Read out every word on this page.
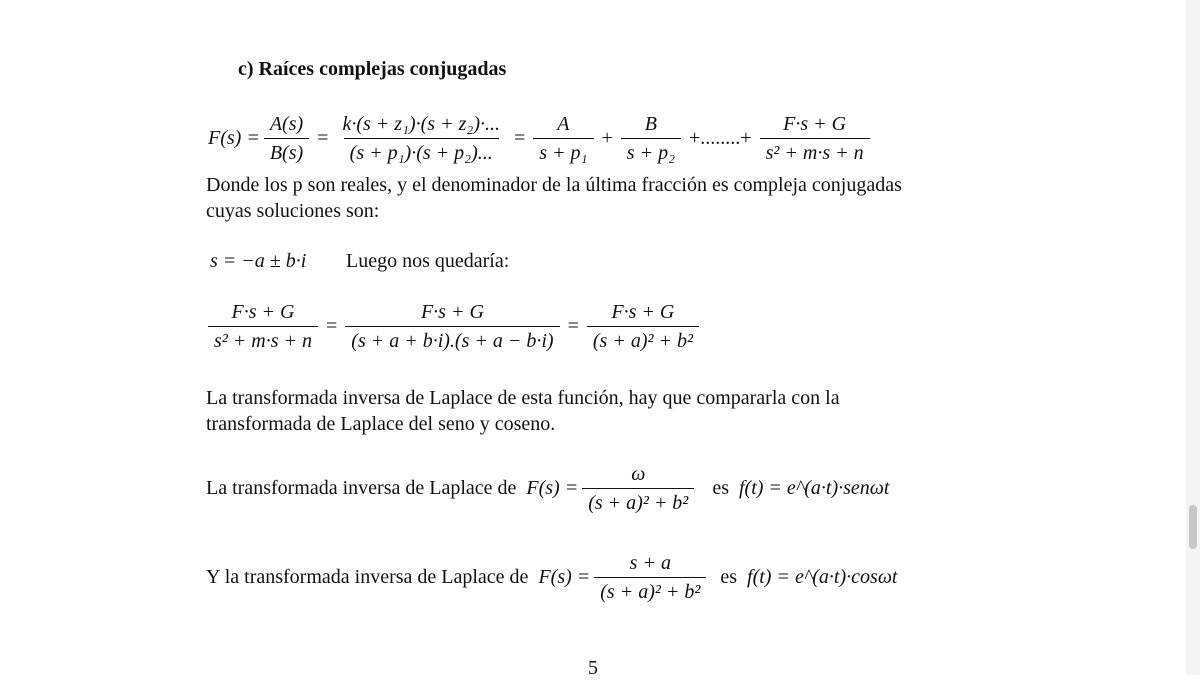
c) Raíces complejas conjugadas
$F(s) = \frac{A(s)}{B(s)} = \frac{\text{k·(s + z₁)·(s + z₂)·...}}{\text{(s + p₁)·(s + p₂)...}} = \frac{A}{\text{s + p₁}} + \frac{B}{\text{s + p₂}}$ +........+ $\frac{F\cdot s + G}{\text{s² + m·s + n}}$
Donde los p son reales, y el denominador de la última fracción es compleja conjugadas
cuyas soluciones son:
s = −a ± b·i Luego nos quedaría:
$\frac{F\cdot s + G}{\text{s² + m·s + n}} = \frac{F\cdot s + G}{(s + a + b\cdot i).(s + a - b\cdot i)} = \frac{F\cdot s + G}{\text{(s + a)² + b²}}$
La transformada inversa de Laplace de esta función, hay que compararla con la
transformada de Laplace del seno y coseno.
La transformada inversa de Laplace de $F(s) = \frac{\omega}{\text{(s + a)² + b²}}$ es f(t) = e^(a·t)·senωt
Y la transformada inversa de Laplace de $F(s) = \frac{s + a}{\text{(s + a)² + b²}}$ es f(t) = e^(a·t)·cosωt
5
